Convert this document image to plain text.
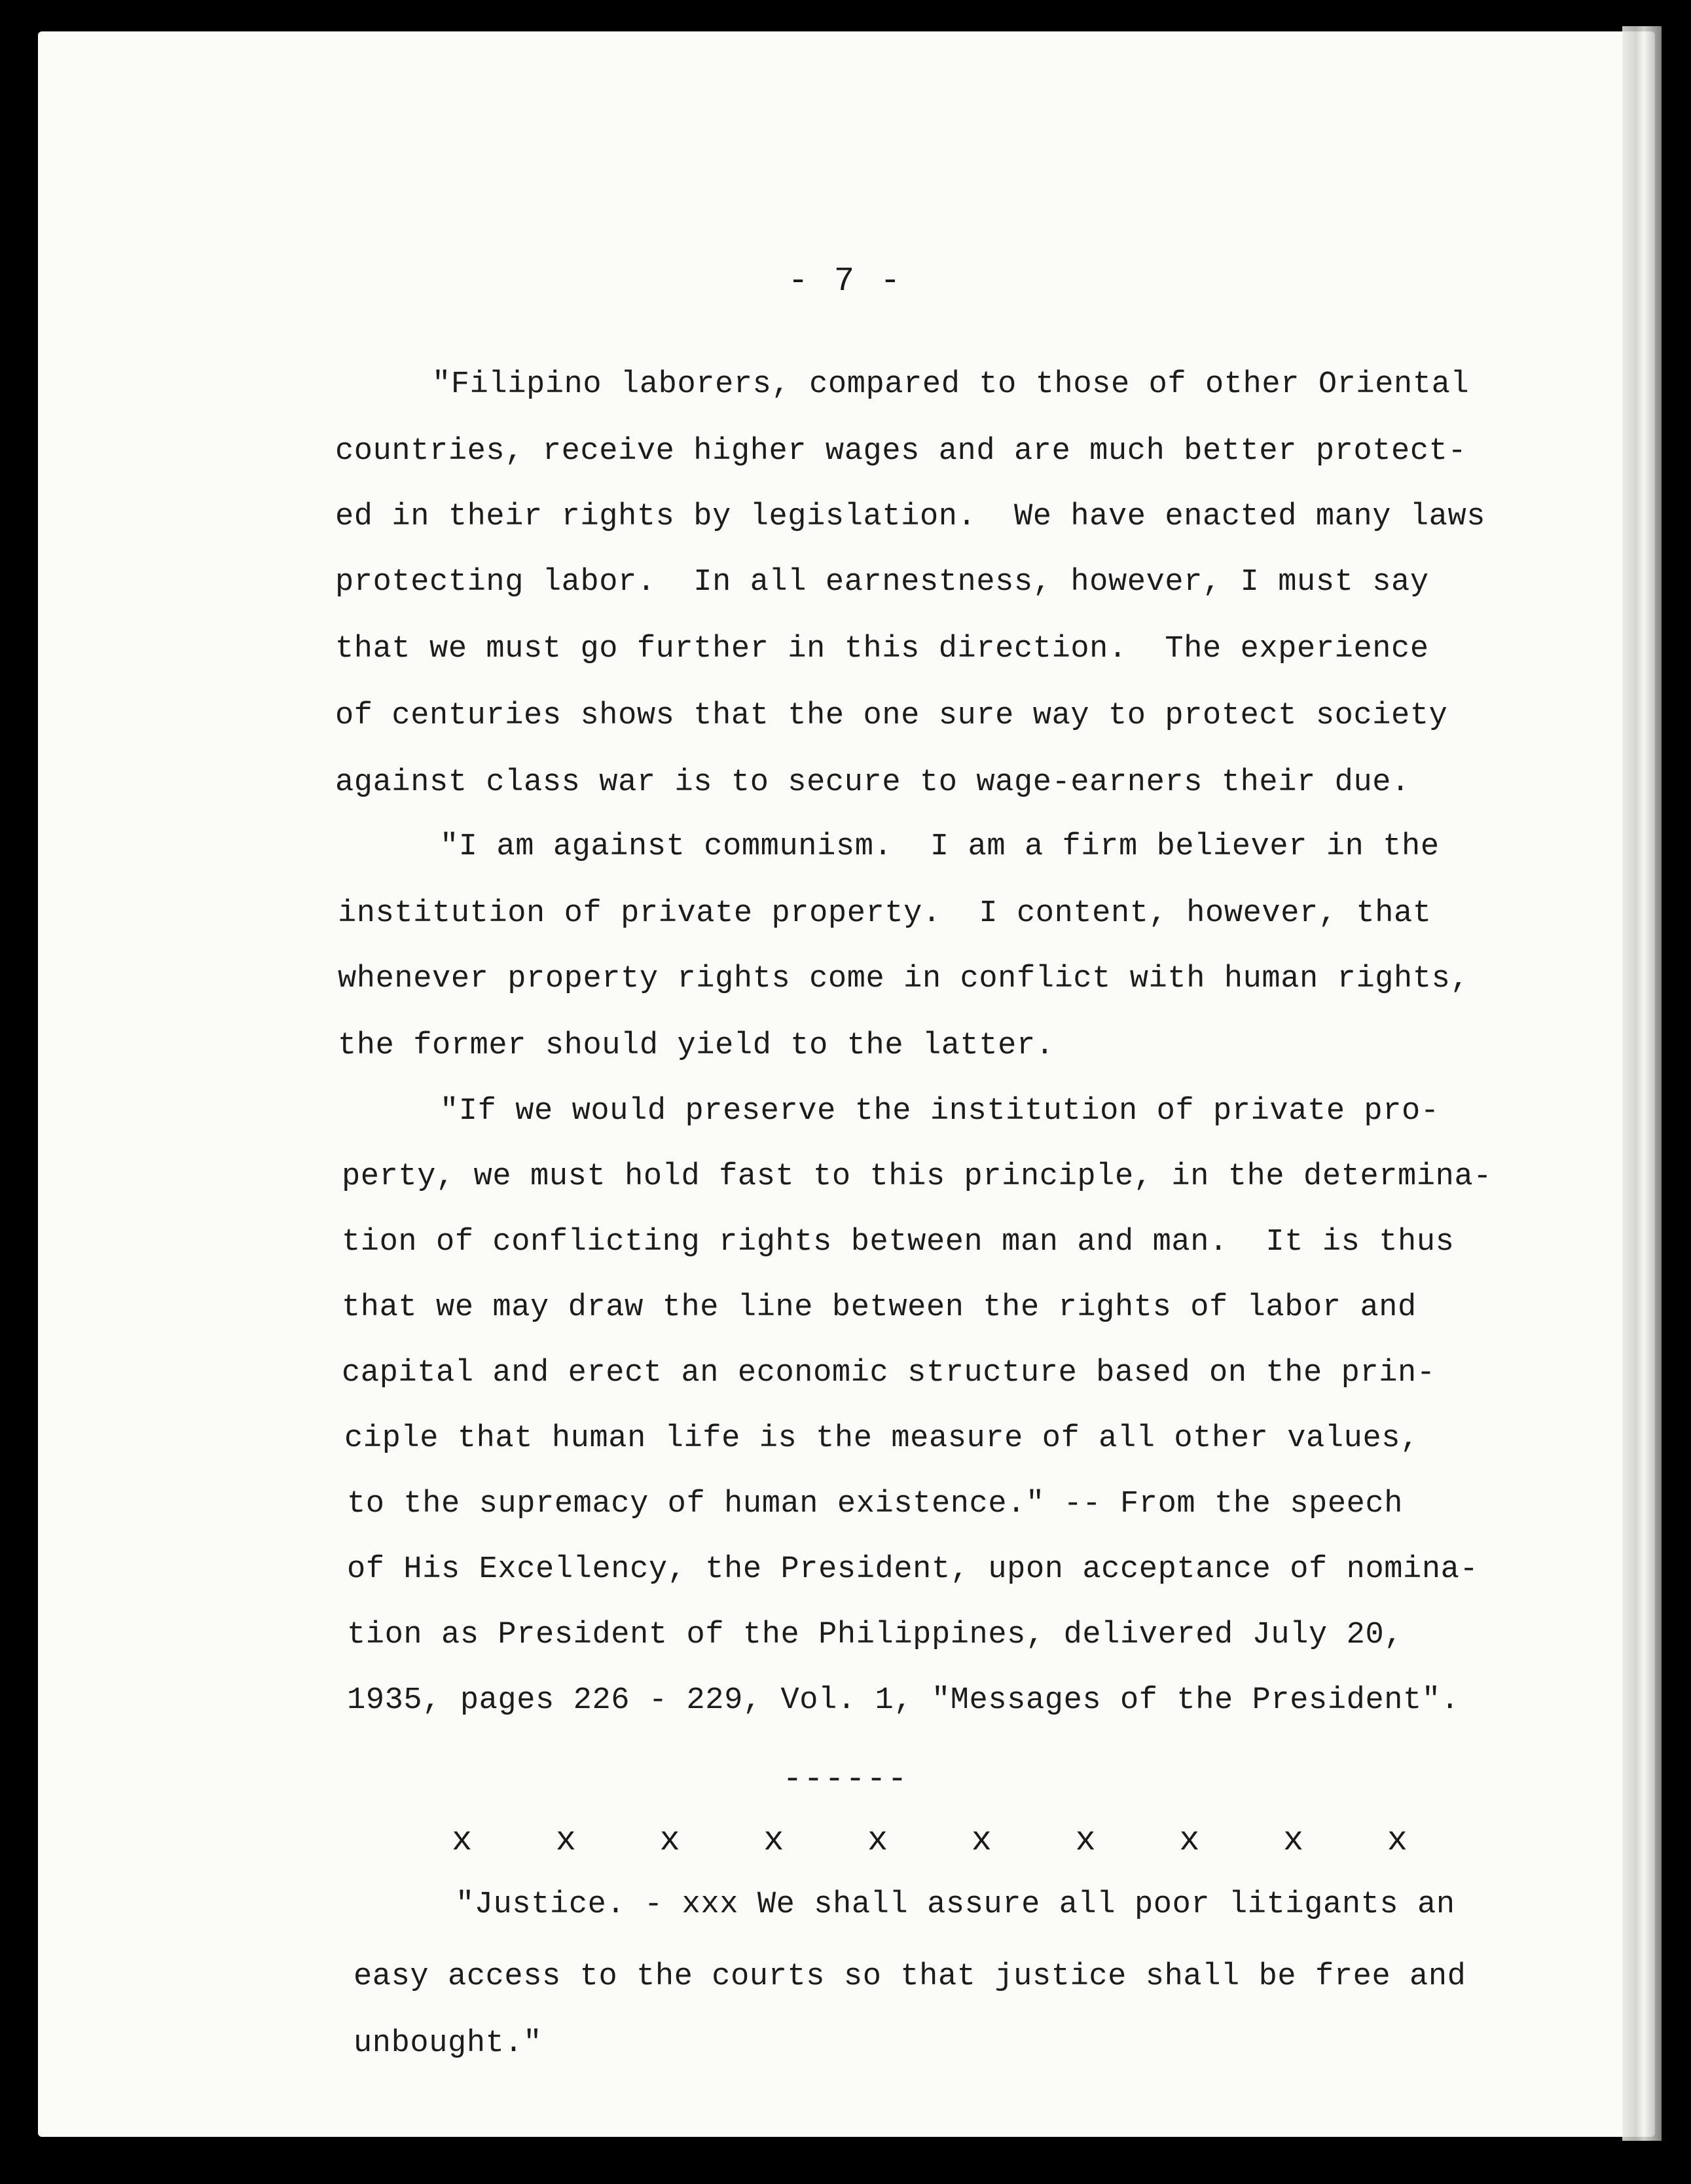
- 7 -
"Filipino laborers, compared to those of other Oriental
countries, receive higher wages and are much better protect-
ed in their rights by legislation.  We have enacted many laws
protecting labor.  In all earnestness, however, I must say
that we must go further in this direction.  The experience
of centuries shows that the one sure way to protect society
against class war is to secure to wage-earners their due.
"I am against communism.  I am a firm believer in the
institution of private property.  I content, however, that
whenever property rights come in conflict with human rights,
the former should yield to the latter.
"If we would preserve the institution of private pro-
perty, we must hold fast to this principle, in the determina-
tion of conflicting rights between man and man.  It is thus
that we may draw the line between the rights of labor and
capital and erect an economic structure based on the prin-
ciple that human life is the measure of all other values,
to the supremacy of human existence." -- From the speech
of His Excellency, the President, upon acceptance of nomina-
tion as President of the Philippines, delivered July 20,
1935, pages 226 - 229, Vol. 1, "Messages of the President".
------
x x x x x x x x x x
"Justice. - xxx We shall assure all poor litigants an
easy access to the courts so that justice shall be free and
unbought."
